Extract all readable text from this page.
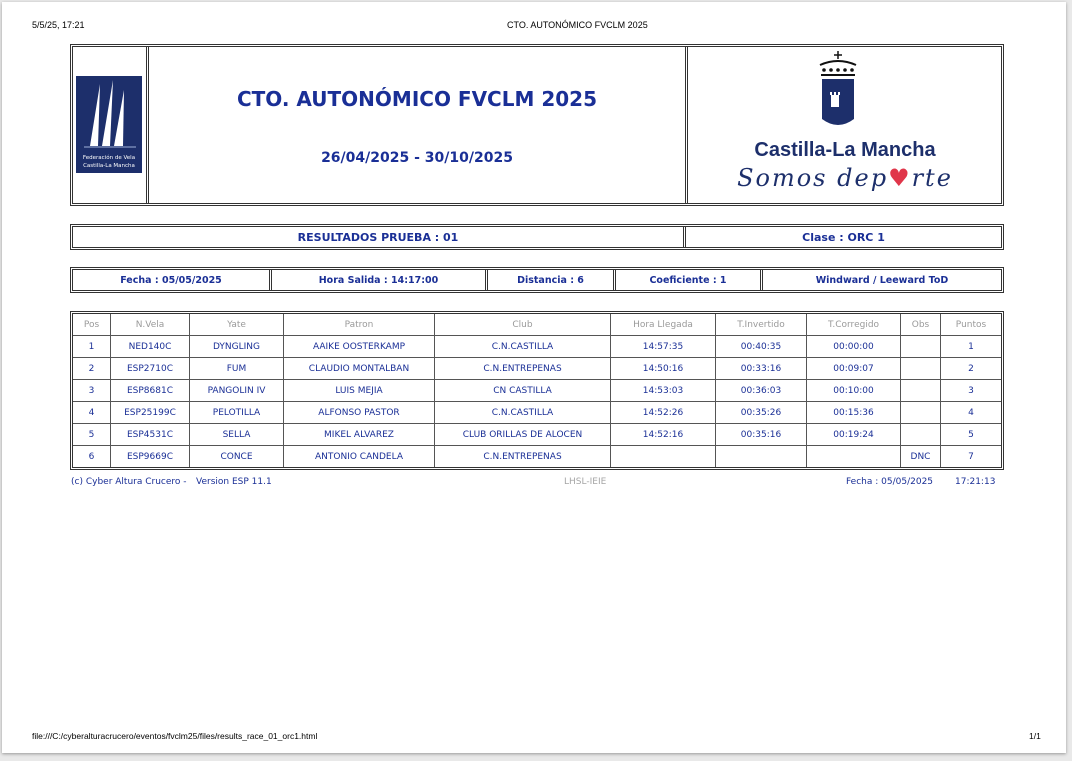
5/5/25, 17:21	CTO. AUTONÓMICO FVCLM 2025
Federación de Vela
Castilla-La Mancha
CTO. AUTONÓMICO FVCLM 2025
26/04/2025 - 30/10/2025	Castilla-La Mancha
Somos dep♥rte
RESULTADOS PRUEBA : 01	Clase : ORC 1
Fecha : 05/05/2025	Hora Salida : 14:17:00	Distancia : 6	Coeficiente : 1	Windward / Leeward ToD
Pos	N.Vela	Yate	Patron	Club	Hora Llegada	T.Invertido	T.Corregido	Obs	Puntos
1	NED140C	DYNGLING	AAIKE OOSTERKAMP	C.N.CASTILLA	14:57:35	00:40:35	00:00:00		1
2	ESP2710C	FUM	CLAUDIO MONTALBAN	C.N.ENTREPENAS	14:50:16	00:33:16	00:09:07		2
3	ESP8681C	PANGOLIN IV	LUIS MEJIA	CN CASTILLA	14:53:03	00:36:03	00:10:00		3
4	ESP25199C	PELOTILLA	ALFONSO PASTOR	C.N.CASTILLA	14:52:26	00:35:26	00:15:36		4
5	ESP4531C	SELLA	MIKEL ALVAREZ	CLUB ORILLAS DE ALOCEN	14:52:16	00:35:16	00:19:24		5
6	ESP9669C	CONCE	ANTONIO CANDELA	C.N.ENTREPENAS				DNC	7
(c) Cyber Altura Crucero - Version ESP 11.1	LHSL-IEIE	Fecha : 05/05/2025 17:21:13
file:///C:/cyberalturacrucero/eventos/fvclm25/files/results_race_01_orc1.html	1/1
